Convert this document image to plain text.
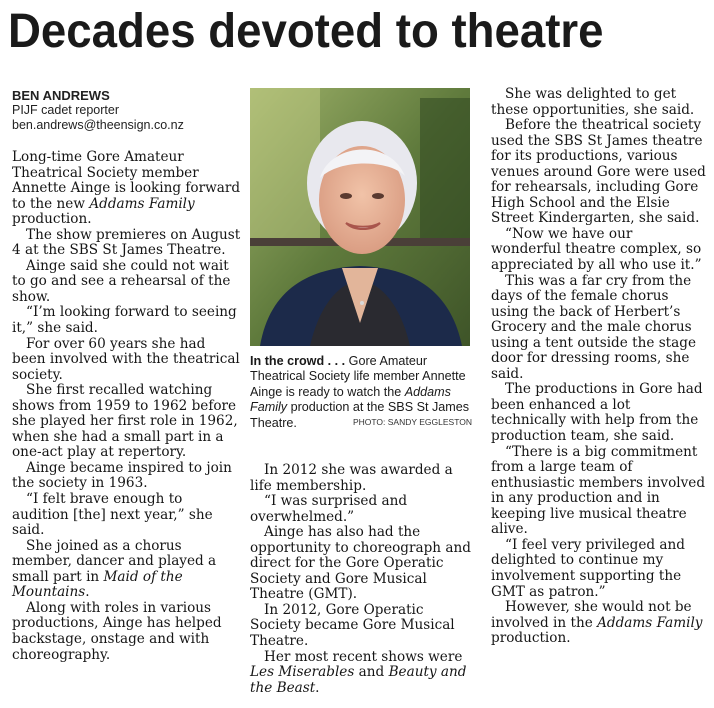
Decades devoted to theatre
BEN ANDREWS
PIJF cadet reporter
ben.andrews@theensign.co.nz

Long-time Gore Amateur Theatrical Society member Annette Ainge is looking forward to the new Addams Family production.

The show premieres on August 4 at the SBS St James Theatre.

Ainge said she could not wait to go and see a rehearsal of the show.

“I’m looking forward to seeing it,” she said.

For over 60 years she had been involved with the theatrical society.

She first recalled watching shows from 1959 to 1962 before she played her first role in 1962, when she had a small part in a one-act play at repertory.

Ainge became inspired to join the society in 1963.

“I felt brave enough to audition [the] next year,” she said.

She joined as a chorus member, dancer and played a small part in Maid of the Mountains.

Along with roles in various productions, Ainge has helped backstage, onstage and with choreography.

In the crowd . . . Gore Amateur Theatrical Society life member Annette Ainge is ready to watch the Addams Family production at the SBS St James Theatre.	PHOTO: SANDY EGGLESTON

In 2012 she was awarded a life membership.

“I was surprised and overwhelmed.”

Ainge has also had the opportunity to choreograph and direct for the Gore Operatic Society and Gore Musical Theatre (GMT).

In 2012, Gore Operatic Society became Gore Musical Theatre.

Her most recent shows were Les Miserables and Beauty and the Beast.

She was delighted to get these opportunities, she said.

Before the theatrical society used the SBS St James theatre for its productions, various venues around Gore were used for rehearsals, including Gore High School and the Elsie Street Kindergarten, she said.

“Now we have our wonderful theatre complex, so appreciated by all who use it.”

This was a far cry from the days of the female chorus using the back of Herbert’s Grocery and the male chorus using a tent outside the stage door for dressing rooms, she said.

The productions in Gore had been enhanced a lot technically with help from the production team, she said.

“There is a big commitment from a large team of enthusiastic members involved in any production and in keeping live musical theatre alive.

“I feel very privileged and delighted to continue my involvement supporting the GMT as patron.”

However, she would not be involved in the Addams Family production.
